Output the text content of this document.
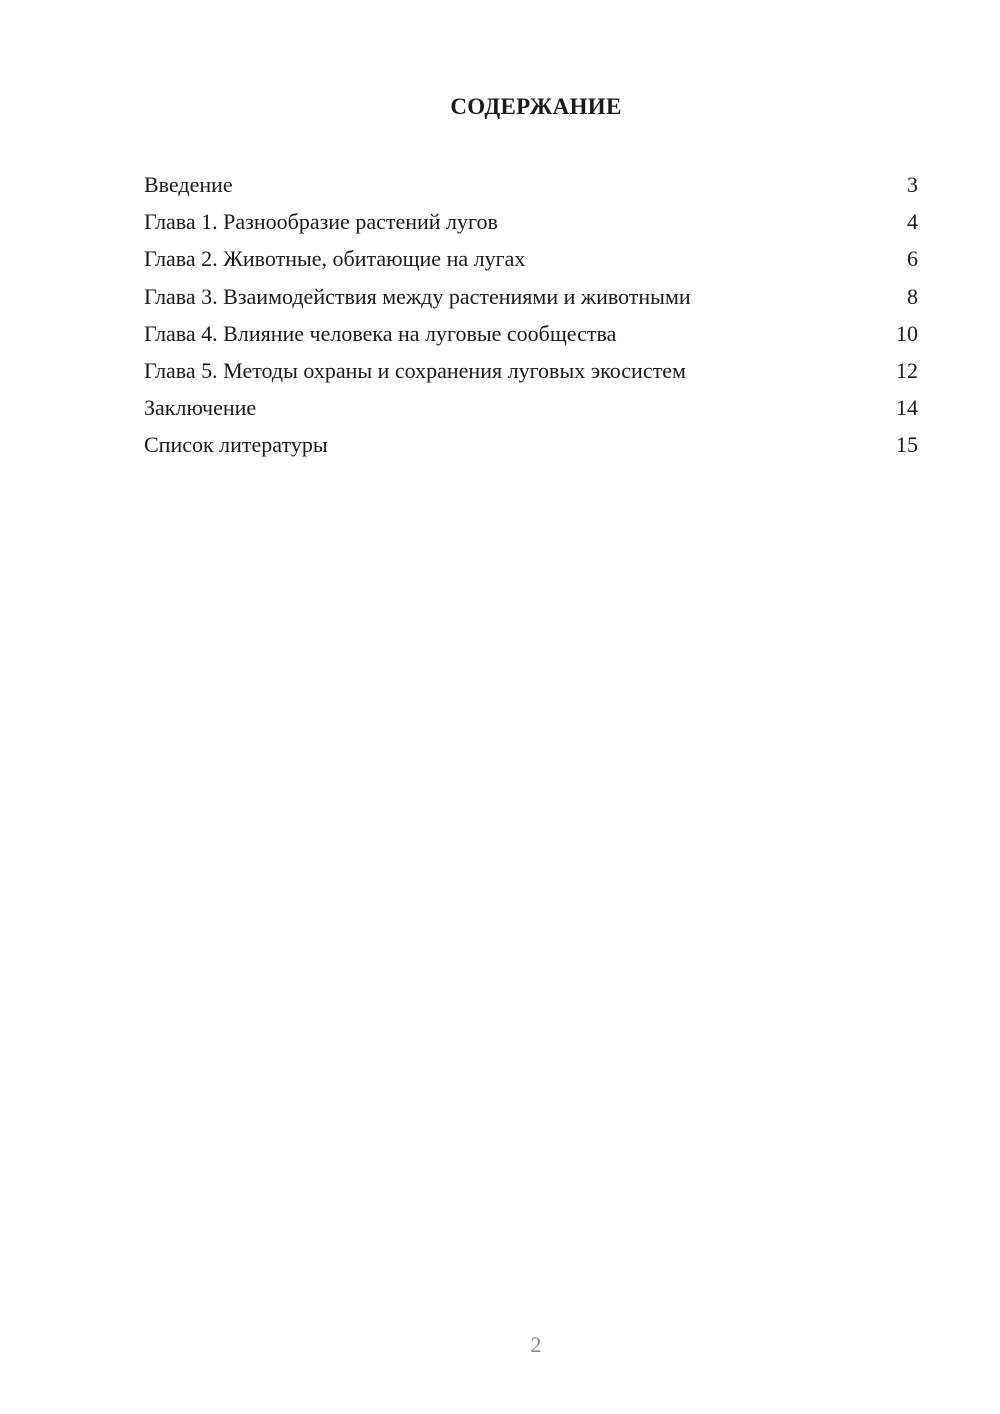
СОДЕРЖАНИЕ
Введение	3
Глава 1. Разнообразие растений лугов	4
Глава 2. Животные, обитающие на лугах	6
Глава 3. Взаимодействия между растениями и животными	8
Глава 4. Влияние человека на луговые сообщества	10
Глава 5. Методы охраны и сохранения луговых экосистем	12
Заключение	14
Список литературы	15
2
